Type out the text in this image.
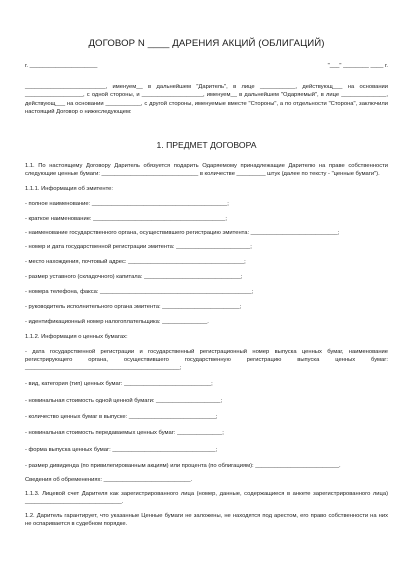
ДОГОВОР N ____ ДАРЕНИЯ АКЦИЙ (ОБЛИГАЦИЙ)
г. _____________________	"___" ________ ____ г.

_________________________, именуем__ в дальнейшем "Даритель", в лице ___________, действующ___ на основании __________________, с одной стороны, и ___________________, именуем__ в дальнейшем "Одаряемый", в лице ______________, действующ___ на основании ___________, с другой стороны, именуемые вместе "Стороны", а по отдельности "Сторона", заключили настоящий Договор о нижеследующем:

1. ПРЕДМЕТ ДОГОВОРА

1.1. По настоящему Договору Даритель обязуется подарить Одаряемому принадлежащие Дарителю на праве собственности следующие ценные бумаги: ______________________________ в количестве _________ штук (далее по тексту - "ценные бумаги").

1.1.1. Информация об эмитенте:

- полное наименование: __________________________________________;

- краткое наименование: _________________________________________;

- наименование государственного органа, осуществившего регистрацию эмитента: ___________________________;

- номер и дата государственной регистрации эмитента: _______________________;

- место нахождения, почтовый адрес: ____________________________________;

- размер уставного (складочного) капитала: ______________________________;

- номера телефона, факса: _______________________________________________;

- руководитель исполнительного органа эмитента: ________________________;

- идентификационный номер налогоплательщика: ______________.

1.1.2. Информация о ценных бумагах:

- дата государственной регистрации и государственный регистрационный номер выпуска ценных бумаг, наименование регистрирующего органа, осуществившего государственную регистрацию выпуска ценных бумаг: ________________________________________________;

- вид, категория (тип) ценных бумаг: ___________________________;

- номинальная стоимость одной ценной бумаги: ____________________;

- количество ценных бумаг в выпуске: ___________________________;

- номинальная стоимость передаваемых ценных бумаг: ______________;

- форма выпуска ценных бумаг: ________________________________;

- размер дивиденда (по привилегированным акциям) или процента (по облигациям): __________________________.

Сведения об обременениях: ___________________________.

1.1.3. Лицевой счет Дарителя как зарегистрированного лица (номер, данные, содержащиеся в анкете зарегистрированного лица) ______________________________.

1.2. Даритель гарантирует, что указанные Ценные бумаги не заложены, не находятся под арестом, его право собственности на них не оспаривается в судебном порядке.
